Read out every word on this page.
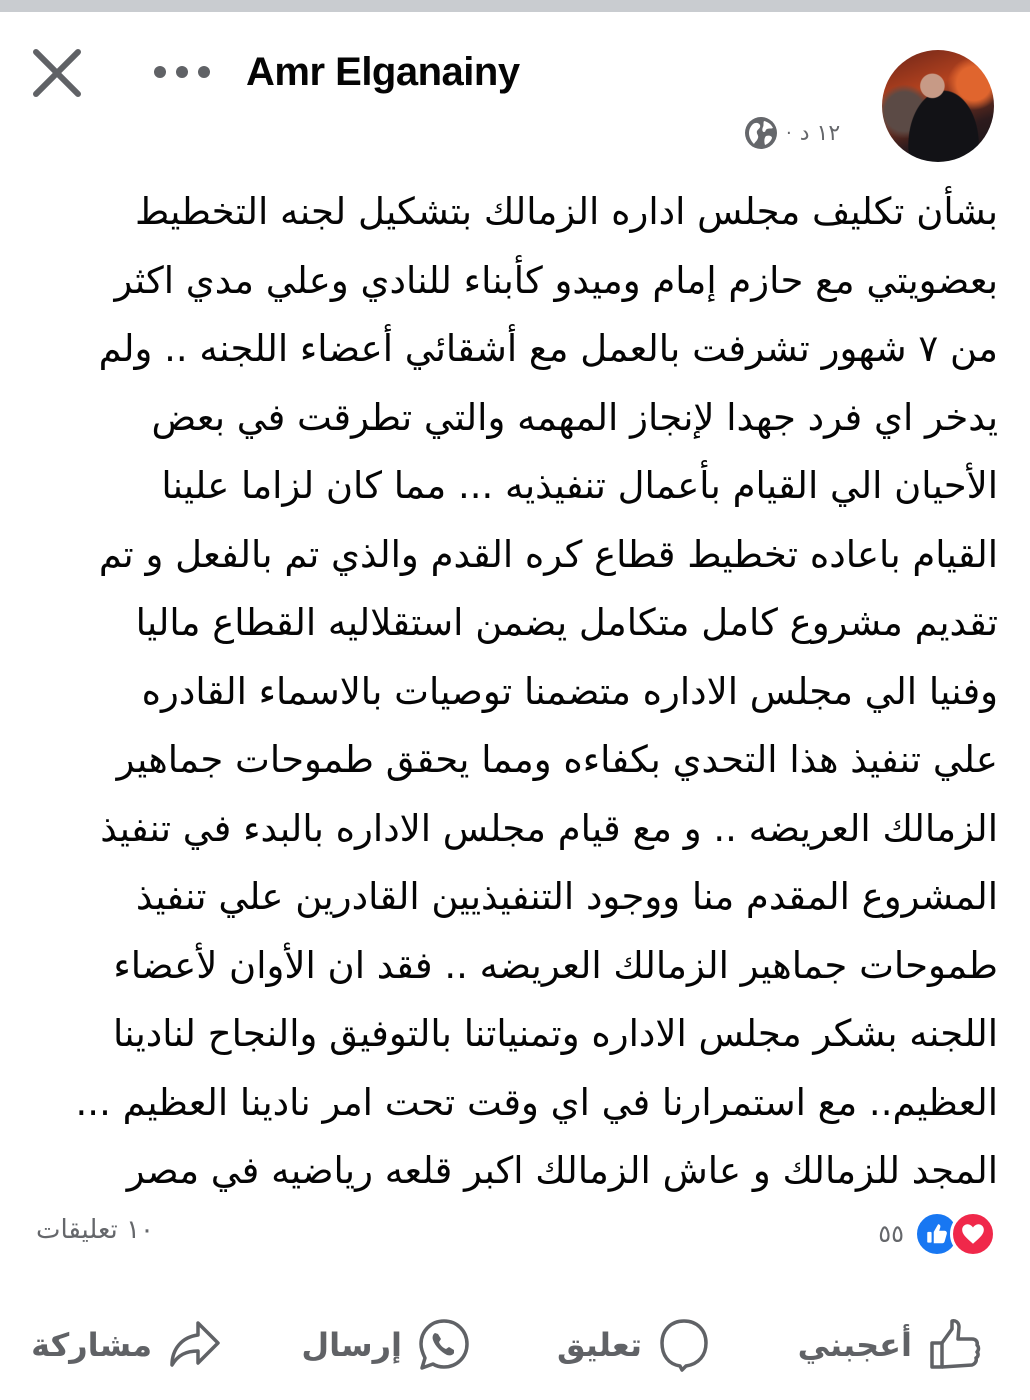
Amr Elganainy
١٢ د
·
بشأن تكليف مجلس اداره الزمالك بتشكيل لجنه التخطيط
بعضويتي مع حازم إمام وميدو كأبناء للنادي وعلي مدي اكثر
من ٧ شهور تشرفت بالعمل مع أشقائي أعضاء اللجنه .. ولم
يدخر اي فرد جهدا لإنجاز المهمه والتي تطرقت في بعض
الأحيان الي القيام بأعمال تنفيذيه ... مما كان لزاما علينا
القيام باعاده تخطيط قطاع كره القدم والذي تم بالفعل و تم
تقديم مشروع كامل متكامل يضمن استقلاليه القطاع ماليا
وفنيا الي مجلس الاداره متضمنا توصيات بالاسماء القادره
علي تنفيذ هذا التحدي بكفاءه ومما يحقق طموحات جماهير
الزمالك العريضه .. و مع قيام مجلس الاداره بالبدء في تنفيذ
المشروع المقدم منا ووجود التنفيذيين القادرين علي تنفيذ
طموحات جماهير الزمالك العريضه .. فقد ان الأوان لأعضاء
اللجنه بشكر مجلس الاداره وتمنياتنا بالتوفيق والنجاح لنادينا
العظيم.. مع استمرارنا في اي وقت تحت امر نادينا العظيم ...
المجد للزمالك و عاش الزمالك اكبر قلعه رياضيه في مصر
٥٥
١٠ تعليقات
أعجبني
تعليق
إرسال
مشاركة
